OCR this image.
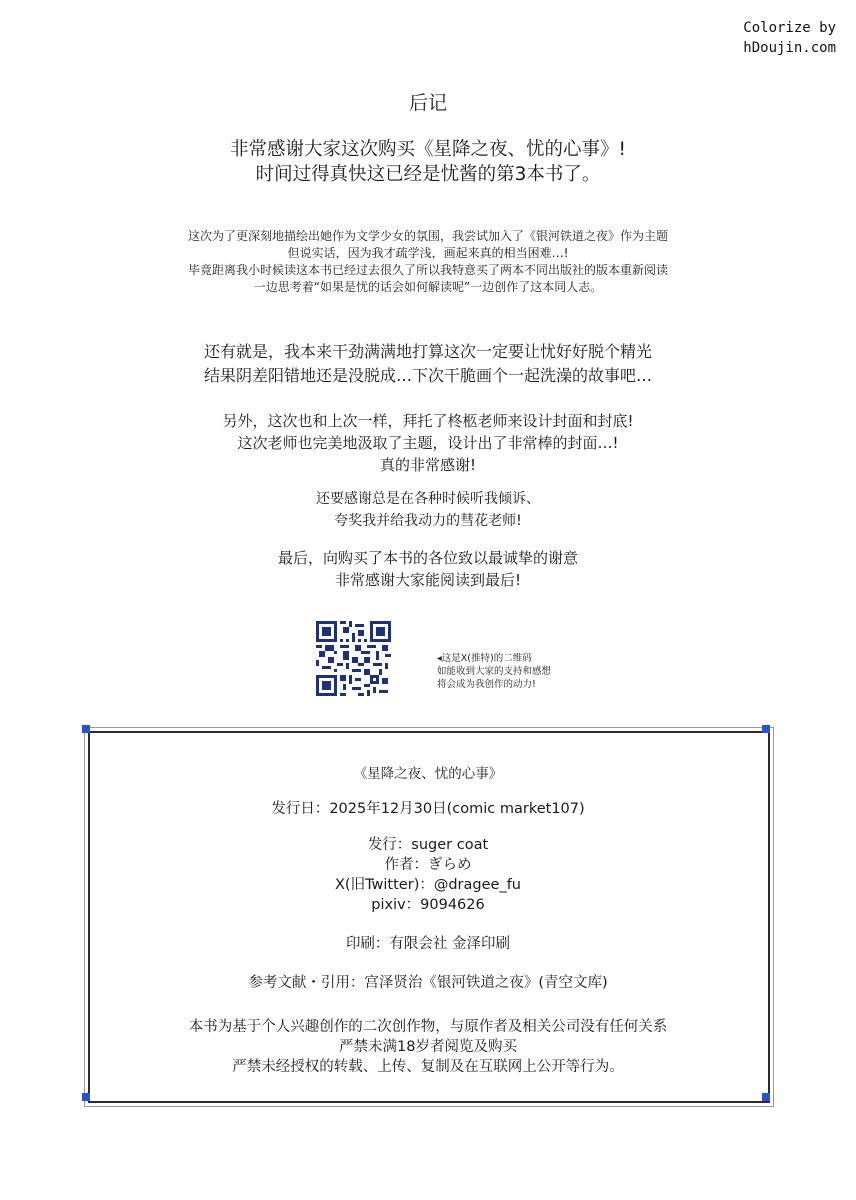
Colorize by
hDoujin.com
后记
非常感谢大家这次购买《星降之夜、忧的心事》!
时间过得真快这已经是忧酱的第3本书了。
这次为了更深刻地描绘出她作为文学少女的氛围，我尝试加入了《银河铁道之夜》作为主题
但说实话，因为我才疏学浅，画起来真的相当困难…!
毕竟距离我小时候读这本书已经过去很久了所以我特意买了两本不同出版社的版本重新阅读
一边思考着“如果是忧的话会如何解读呢”一边创作了这本同人志。
还有就是，我本来干劲满满地打算这次一定要让忧好好脱个精光
结果阴差阳错地还是没脱成…下次干脆画个一起洗澡的故事吧…
另外，这次也和上次一样，拜托了柊柩老师来设计封面和封底!
这次老师也完美地汲取了主题，设计出了非常棒的封面…!
真的非常感谢!
还要感谢总是在各种时候听我倾诉、
夸奖我并给我动力的彗花老师!
最后，向购买了本书的各位致以最诚挚的谢意
非常感谢大家能阅读到最后!
◂这是X(推特)的二维码
如能收到大家的支持和感想
将会成为我创作的动力!
《星降之夜、忧的心事》
发行日：2025年12月30日(comic market107)
发行：suger coat
作者：ぎらめ
X(旧Twitter)：@dragee_fu
pixiv：9094626
印刷：有限会社 金泽印刷
参考文献・引用：宫泽贤治《银河铁道之夜》(青空文库)
本书为基于个人兴趣创作的二次创作物，与原作者及相关公司没有任何关系
严禁未满18岁者阅览及购买
严禁未经授权的转载、上传、复制及在互联网上公开等行为。
